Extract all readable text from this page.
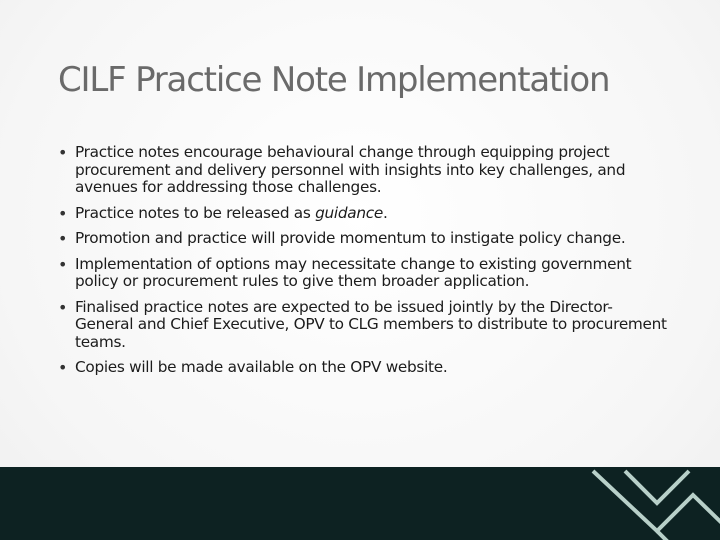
CILF Practice Note Implementation
• Practice notes encourage behavioural change through equipping project procurement and delivery personnel with insights into key challenges, and avenues for addressing those challenges.
• Practice notes to be released as guidance.
• Promotion and practice will provide momentum to instigate policy change.
• Implementation of options may necessitate change to existing government policy or procurement rules to give them broader application.
• Finalised practice notes are expected to be issued jointly by the Director-General and Chief Executive, OPV to CLG members to distribute to procurement teams.
• Copies will be made available on the OPV website.
